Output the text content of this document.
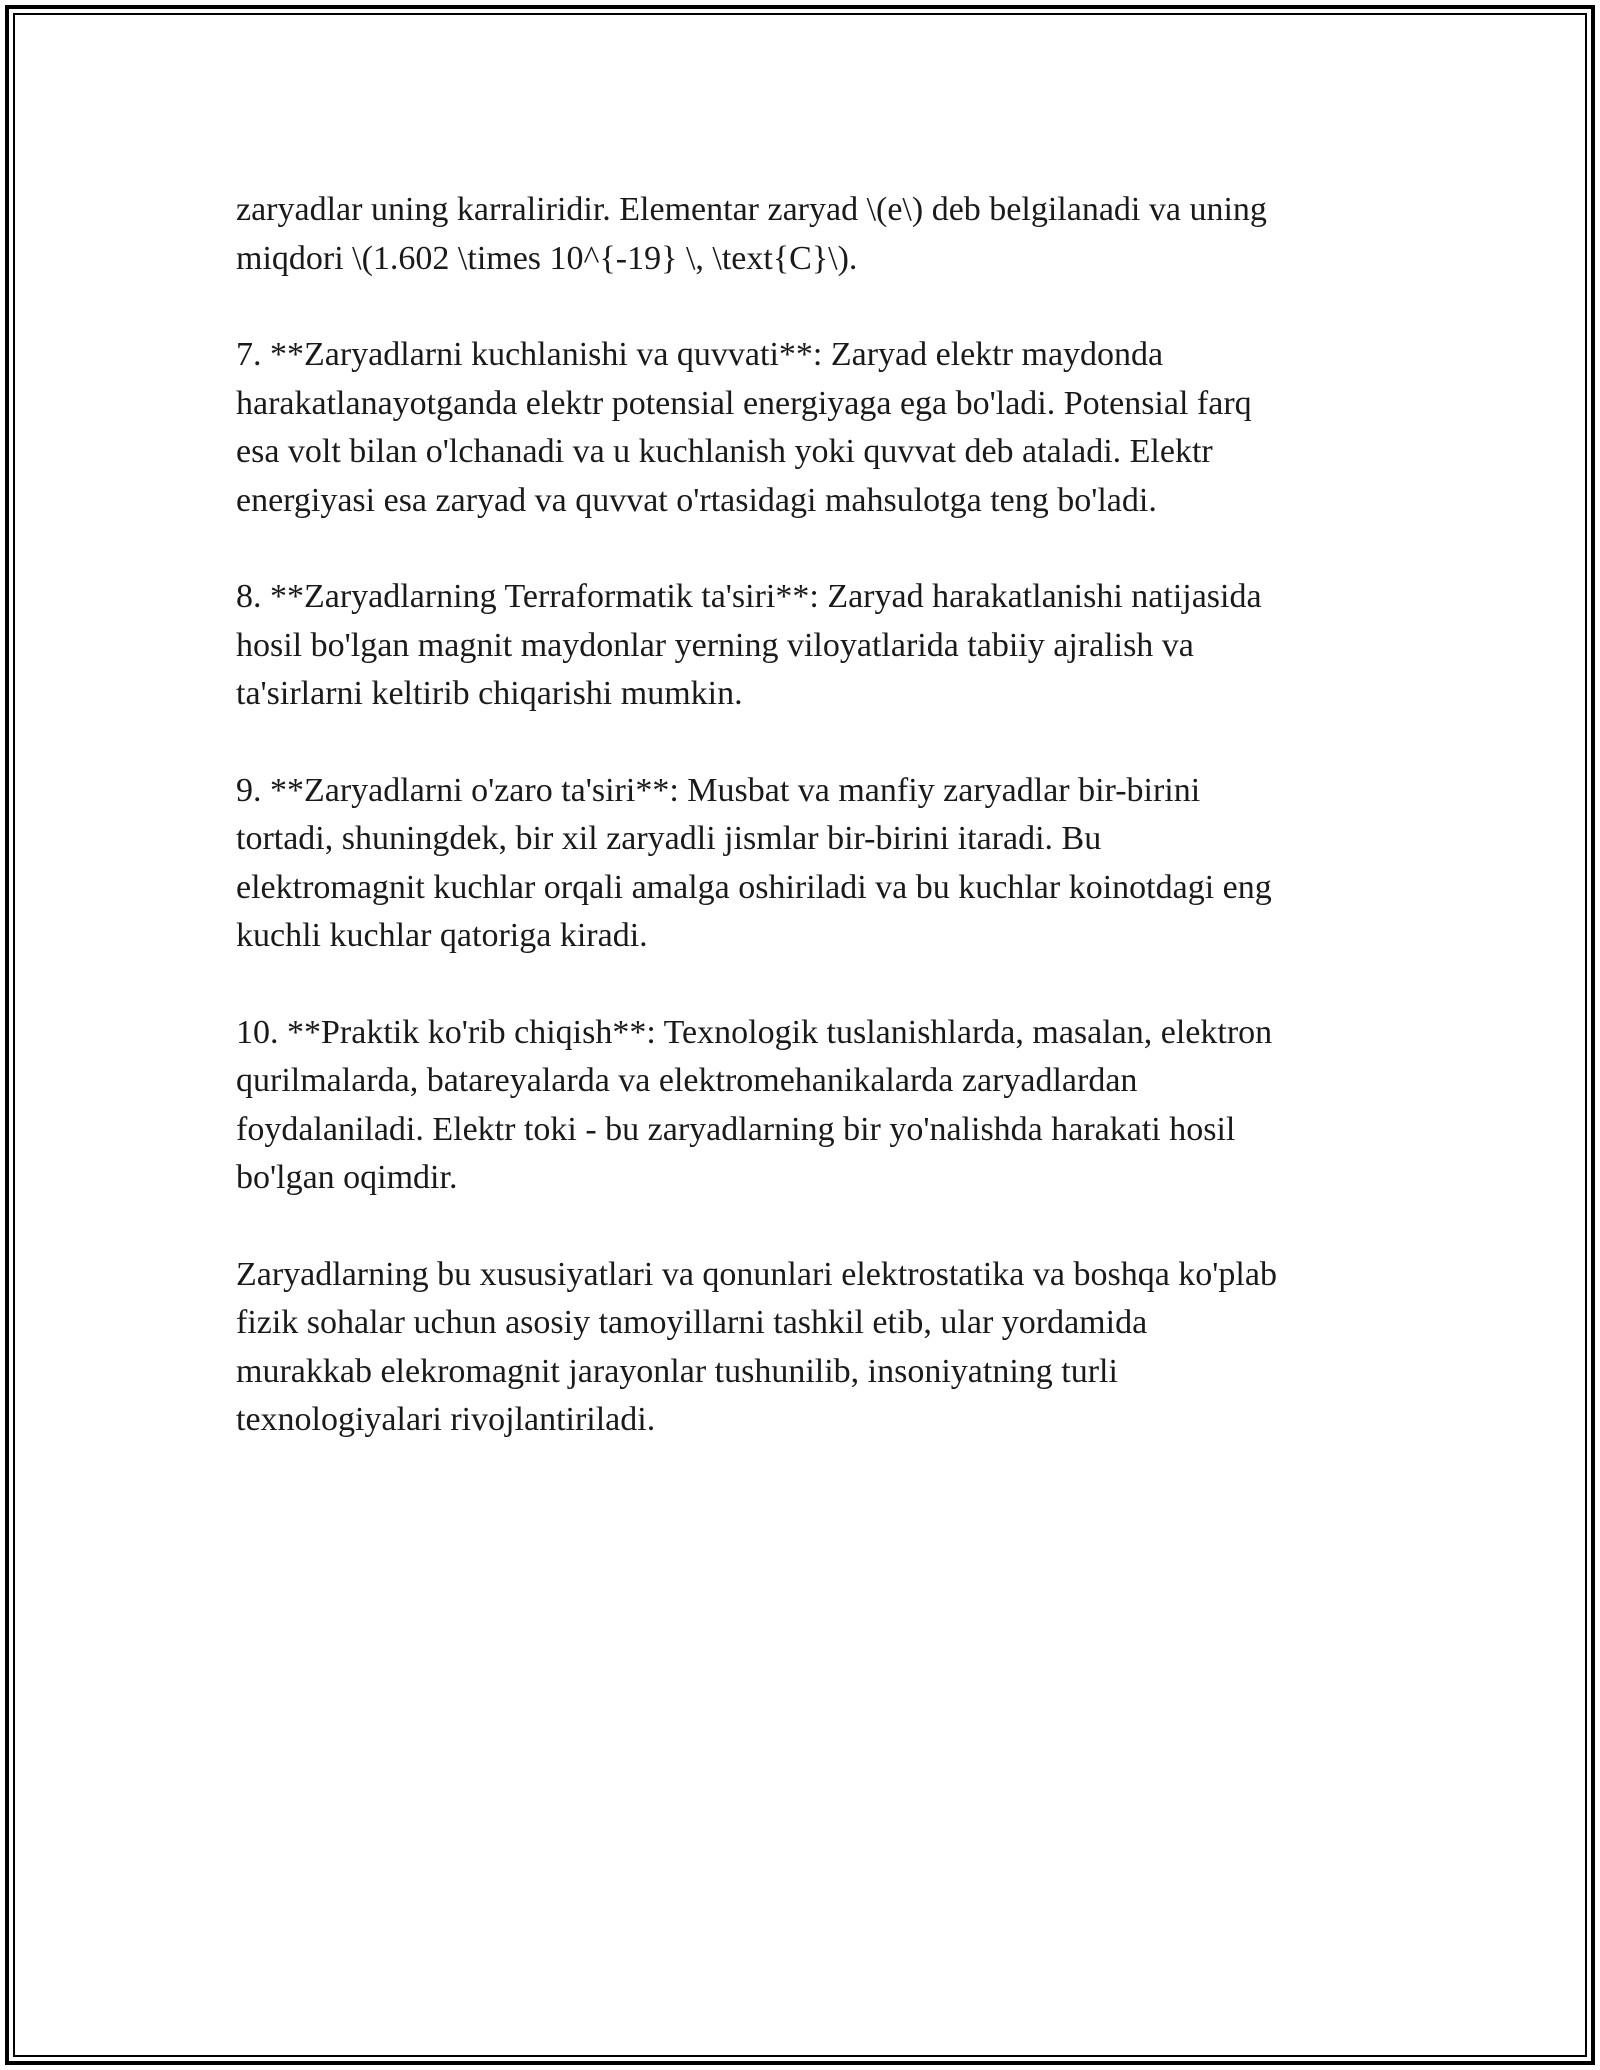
zaryadlar uning karraliridir. Elementar zaryad \(e\) deb belgilanadi va uning
miqdori \(1.602 \times 10^{-19} \, \text{C}\).

7. **Zaryadlarni kuchlanishi va quvvati**: Zaryad elektr maydonda
harakatlanayotganda elektr potensial energiyaga ega bo'ladi. Potensial farq
esa volt bilan o'lchanadi va u kuchlanish yoki quvvat deb ataladi. Elektr
energiyasi esa zaryad va quvvat o'rtasidagi mahsulotga teng bo'ladi.

8. **Zaryadlarning Terraformatik ta'siri**: Zaryad harakatlanishi natijasida
hosil bo'lgan magnit maydonlar yerning viloyatlarida tabiiy ajralish va
ta'sirlarni keltirib chiqarishi mumkin.

9. **Zaryadlarni o'zaro ta'siri**: Musbat va manfiy zaryadlar bir-birini
tortadi, shuningdek, bir xil zaryadli jismlar bir-birini itaradi. Bu
elektromagnit kuchlar orqali amalga oshiriladi va bu kuchlar koinotdagi eng
kuchli kuchlar qatoriga kiradi.

10. **Praktik ko'rib chiqish**: Texnologik tuslanishlarda, masalan, elektron
qurilmalarda, batareyalarda va elektromehanikalarda zaryadlardan
foydalaniladi. Elektr toki - bu zaryadlarning bir yo'nalishda harakati hosil
bo'lgan oqimdir.

Zaryadlarning bu xususiyatlari va qonunlari elektrostatika va boshqa ko'plab
fizik sohalar uchun asosiy tamoyillarni tashkil etib, ular yordamida
murakkab elekromagnit jarayonlar tushunilib, insoniyatning turli
texnologiyalari rivojlantiriladi.
